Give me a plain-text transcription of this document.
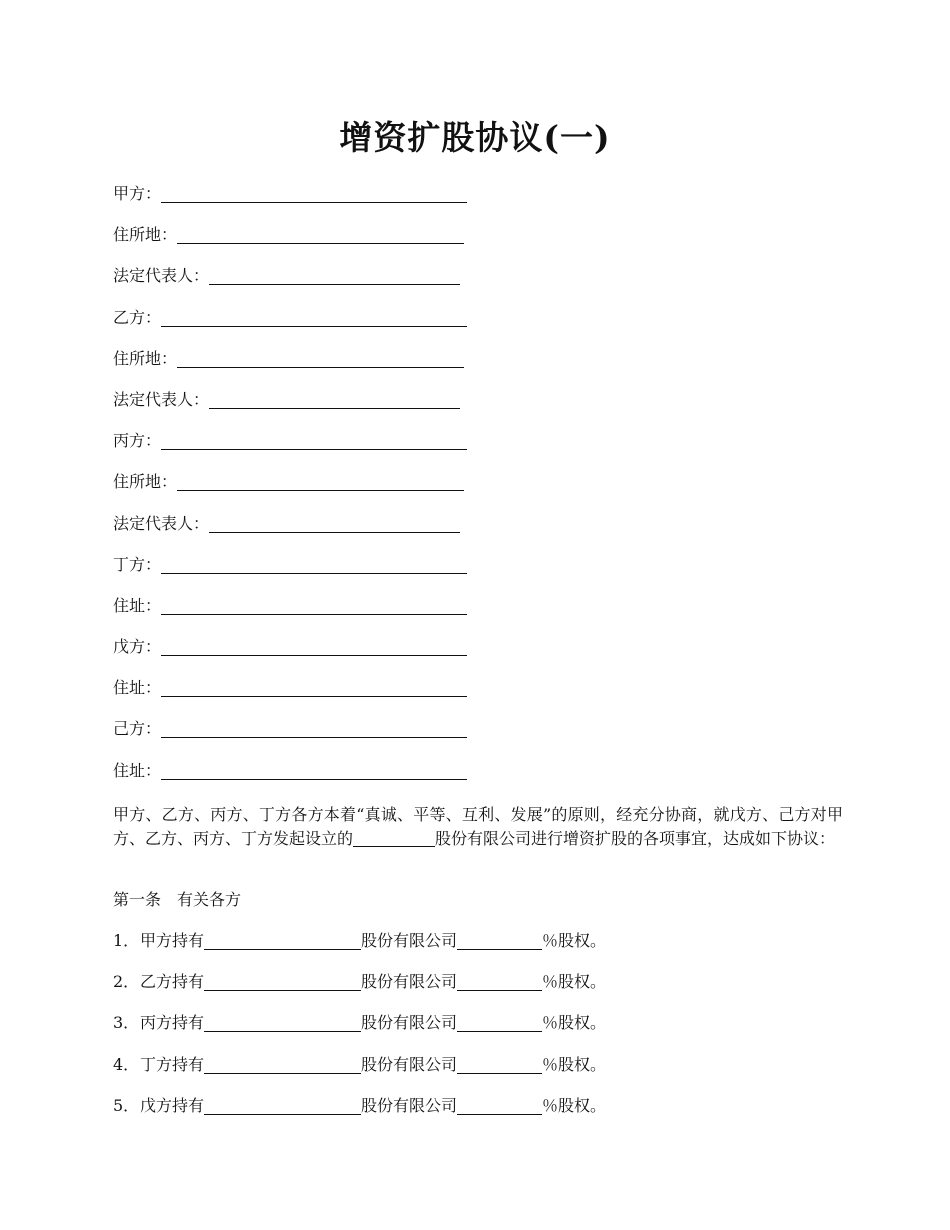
增资扩股协议(一)
甲方：
住所地：
法定代表人：
乙方：
住所地：
法定代表人：
丙方：
住所地：
法定代表人：
丁方：
住址：
戊方：
住址：
己方：
住址：

甲方、乙方、丙方、丁方各方本着“真诚、平等、互利、发展”的原则，经充分协商，就戊方、己方对甲方、乙方、丙方、丁方发起设立的	股份有限公司进行增资扩股的各项事宜，达成如下协议：

第一条　有关各方

1． 甲方持有	股份有限公司	％股权。
2． 乙方持有	股份有限公司	％股权。
3． 丙方持有	股份有限公司	％股权。
4． 丁方持有	股份有限公司	％股权。
5． 戊方持有	股份有限公司	％股权。
